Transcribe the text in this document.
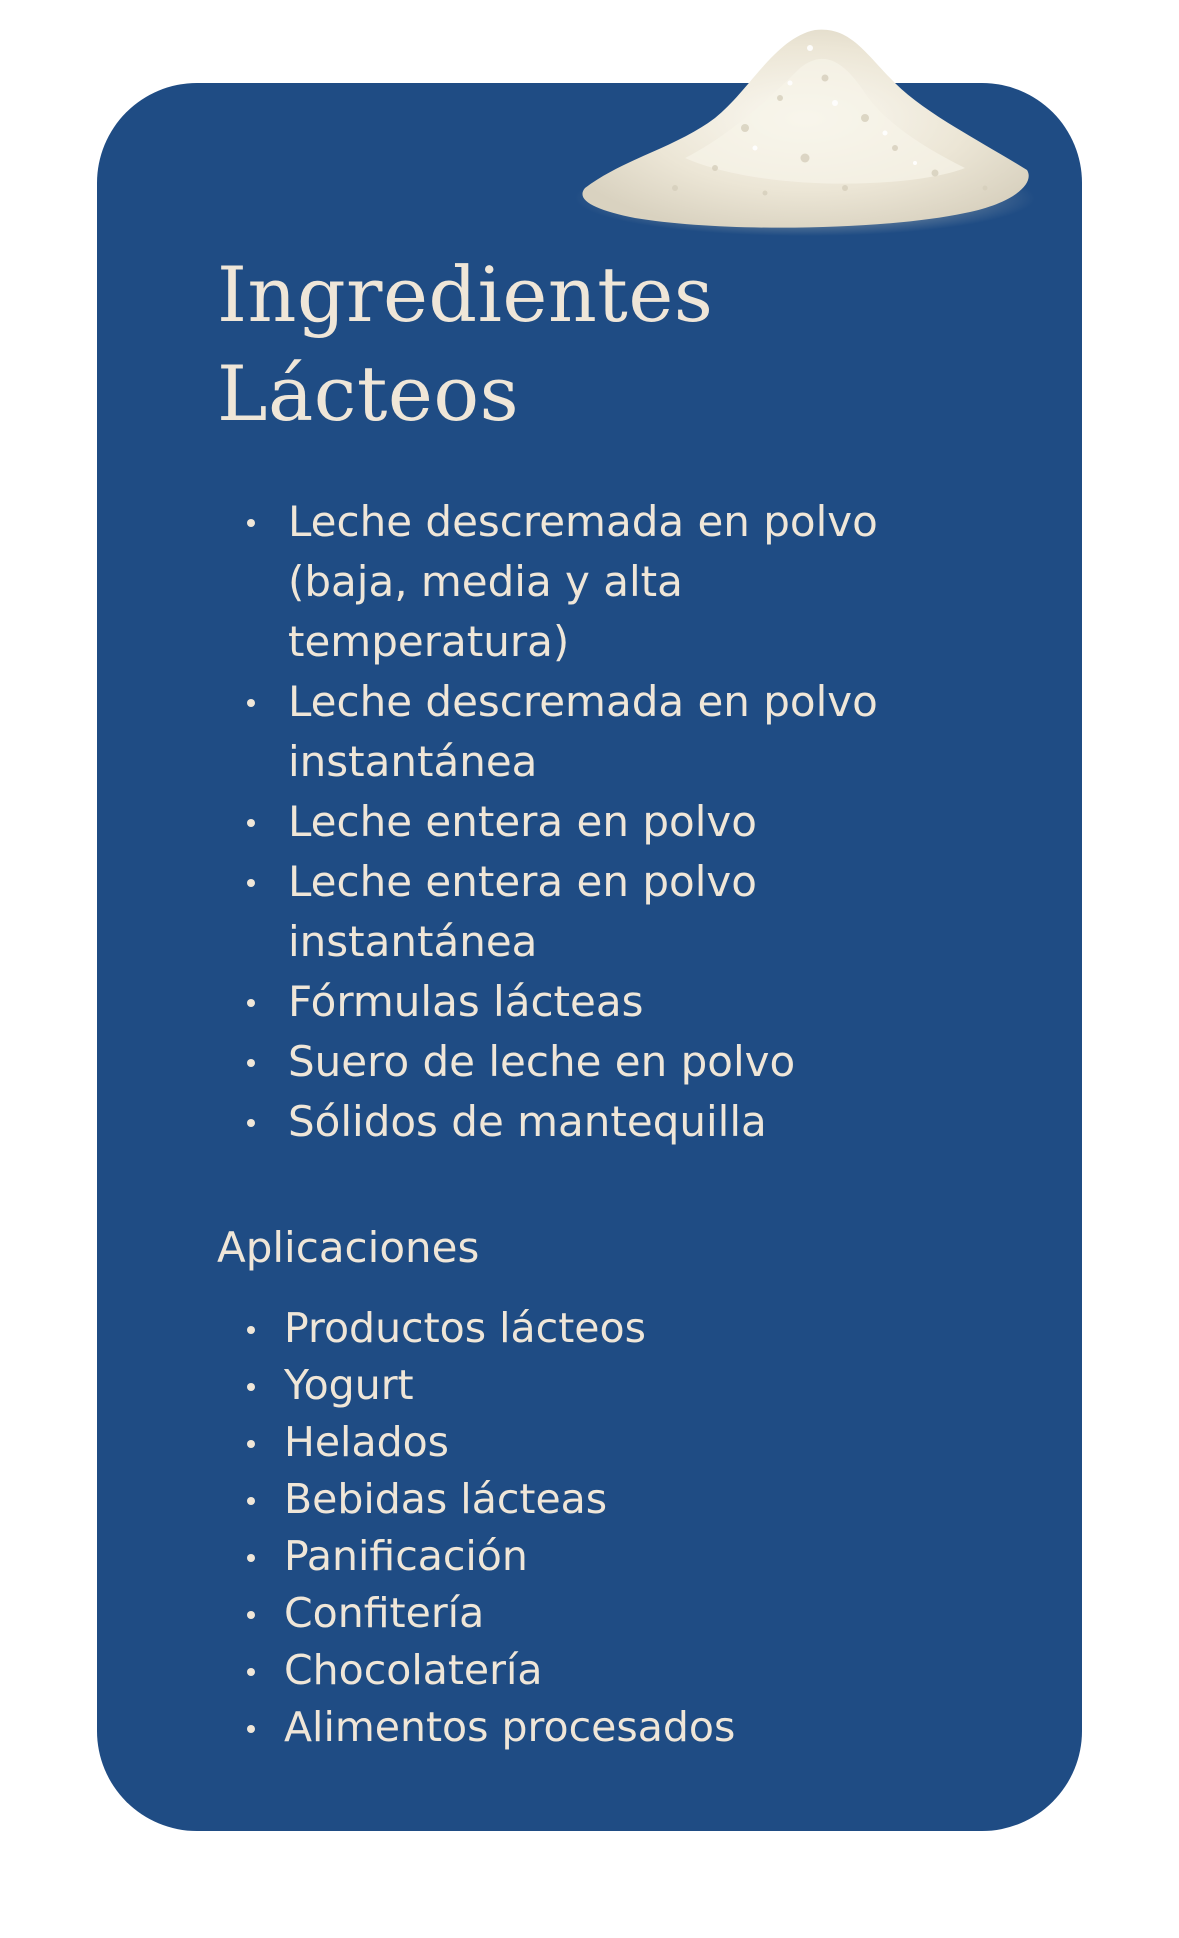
Ingredientes
Lácteos
Leche descremada en polvo (baja, media y alta temperatura)
Leche descremada en polvo instantánea
Leche entera en polvo
Leche entera en polvo instantánea
Fórmulas lácteas
Suero de leche en polvo
Sólidos de mantequilla
Aplicaciones
Productos lácteos
Yogurt
Helados
Bebidas lácteas
Panificación
Confitería
Chocolatería
Alimentos procesados
